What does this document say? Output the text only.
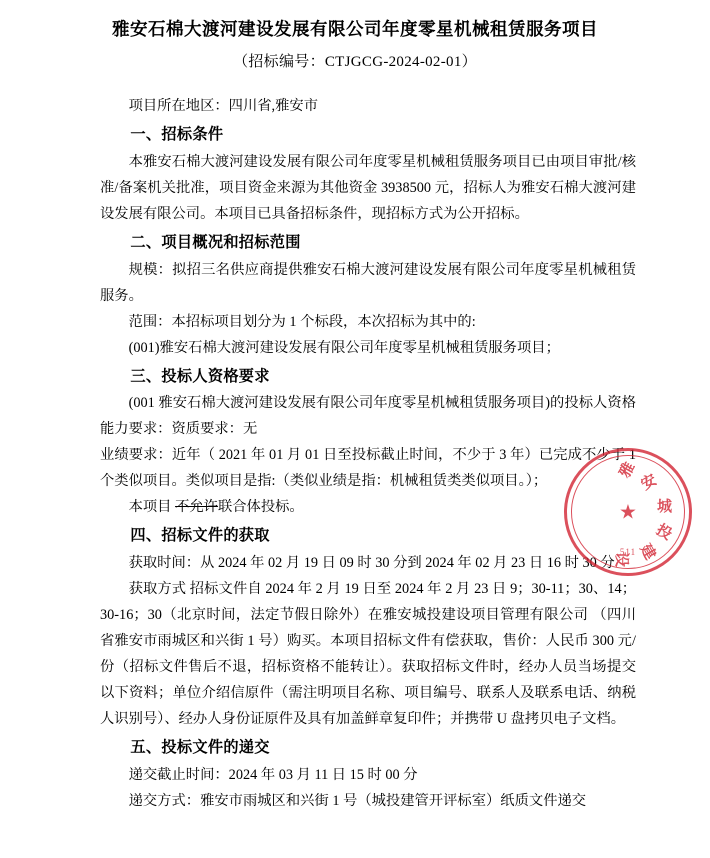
雅安石棉大渡河建设发展有限公司年度零星机械租赁服务项目
（招标编号：CTJGCG-2024-02-01）

项目所在地区：四川省,雅安市

一、招标条件

本雅安石棉大渡河建设发展有限公司年度零星机械租赁服务项目已由项目审批/核准/备案机关批准，项目资金来源为其他资金 3938500 元，招标人为雅安石棉大渡河建设发展有限公司。本项目已具备招标条件，现招标方式为公开招标。

二、项目概况和招标范围

规模：拟招三名供应商提供雅安石棉大渡河建设发展有限公司年度零星机械租赁服务。

范围：本招标项目划分为 1 个标段，本次招标为其中的:

(001)雅安石棉大渡河建设发展有限公司年度零星机械租赁服务项目；

三、投标人资格要求

(001 雅安石棉大渡河建设发展有限公司年度零星机械租赁服务项目)的投标人资格能力要求：资质要求：无

业绩要求：近年（ 2021 年 01 月 01 日至投标截止时间，不少于 3 年）已完成不少于 1 个类似项目。类似项目是指:（类似业绩是指：机械租赁类类似项目。）；

本项目 不允许联合体投标。

四、招标文件的获取

获取时间：从 2024 年 02 月 19 日 09 时 30 分到 2024 年 02 月 23 日 16 时 30 分

获取方式 招标文件自 2024 年 2 月 19 日至 2024 年 2 月 23 日 9；30-11；30、14；30-16；30（北京时间，法定节假日除外）在雅安城投建设项目管理有限公司 （四川省雅安市雨城区和兴街 1 号）购买。本项目招标文件有偿获取，售价：人民币 300 元/份（招标文件售后不退，招标资格不能转让）。获取招标文件时，经办人员当场提交以下资料；单位介绍信原件（需注明项目名称、项目编号、联系人及联系电话、纳税人识别号）、经办人身份证原件及具有加盖鲜章复印件；并携带 U 盘拷贝电子文档。

五、投标文件的递交

递交截止时间：2024 年 03 月 11 日 15 时 00 分

递交方式：雅安市雨城区和兴街 1 号（城投建管开评标室）纸质文件递交

雅
安
城
投
建
设
★
511
